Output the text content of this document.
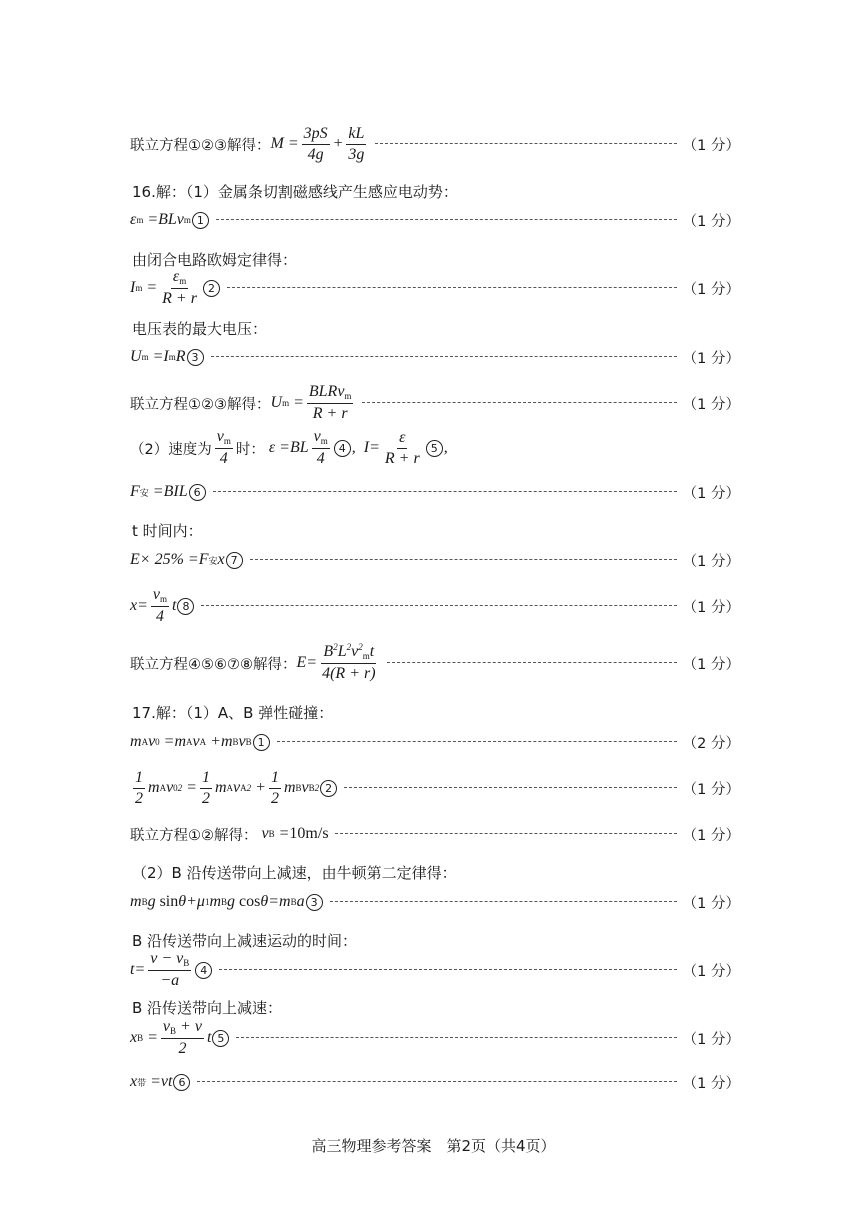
联立方程①②③解得： $M = \frac{3pS}{4g} + \frac{kL}{3g}$	（1 分）
16.解：（1）金属条切割磁感线产生感应电动势：
ε m = BLv m 1	（1 分）
由闭合电路欧姆定律得：
I $m = \frac{\varepsilon_m}{R + r} 2$	（1 分）
电压表的最大电压：
U m = I m R 3	（1 分）
联立方程①②③解得： U $m = \frac{BLRv_m}{R + r}$	（1 分）
（2）速度为 $\frac{v_m}{4}$ 时： ε = BL $\frac{v_m}{4} 4$ , $I = \frac{\varepsilon}{R + r} 5$ ,
F 安 = BIL 6	（1 分）
t 时间内：
E × 25% = F 安 x 7	（1 分）
$x = \frac{v_m}{4}$ t 8	（1 分）
联立方程④⑤⑥⑦⑧解得： $E = \frac{B^2L^2v^2_mt}{4(R + r)}$	（1 分）
17.解：（1）A、B 弹性碰撞：
m A v 0 = m A v A + m B v B 1	（2 分）
$\frac{1}{2}$ m A v 0 $2 = \frac{1}{2}$ m A v A $2 + \frac{1}{2}$ m B v B 2 2	（1 分）
联立方程①②解得：
v B = 10m/s	（1 分）
（2）B 沿传送带向上减速，由牛顿第二定律得：
m B g
sin θ + μ 1 m B g
cos θ = m B a 3	（1 分）
B 沿传送带向上减速运动的时间：
$t = \frac{v - v_B}{-a} 4$	（1 分）
B 沿传送带向上减速：
x $B = \frac{v_B + v}{2}$ t 5	（1 分）
x 带 = vt 6	（1 分）
高三物理参考答案　第2页（共4页）
